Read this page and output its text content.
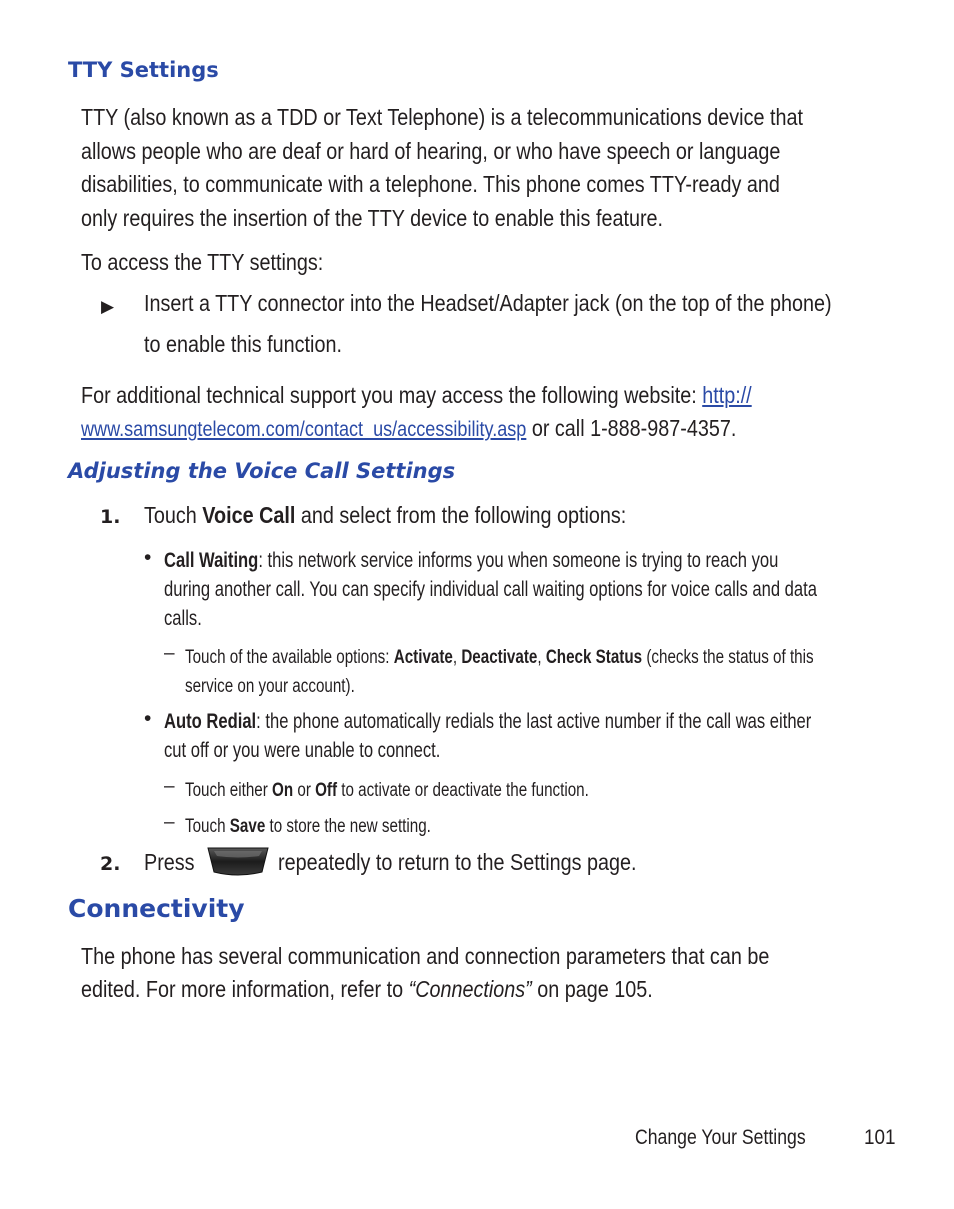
TTY Settings
TTY (also known as a TDD or Text Telephone) is a telecommunications device that
allows people who are deaf or hard of hearing, or who have speech or language
disabilities, to communicate with a telephone. This phone comes TTY-ready and
only requires the insertion of the TTY device to enable this feature.
To access the TTY settings:
▶ Insert a TTY connector into the Headset/Adapter jack (on the top of the phone)
to enable this function.
For additional technical support you may access the following website: http://
www.samsungtelecom.com/contact_us/accessibility.asp or call 1-888-987-4357.
Adjusting the Voice Call Settings
1. Touch Voice Call and select from the following options:
• Call Waiting: this network service informs you when someone is trying to reach you
during another call. You can specify individual call waiting options for voice calls and data
calls.
– Touch of the available options: Activate, Deactivate, Check Status (checks the status of this
service on your account).
• Auto Redial: the phone automatically redials the last active number if the call was either
cut off or you were unable to connect.
– Touch either On or Off to activate or deactivate the function.
– Touch Save to store the new setting.
2. Press	repeatedly to return to the Settings page.
Connectivity
The phone has several communication and connection parameters that can be
edited. For more information, refer to “Connections” on page 105.
Change Your Settings	101
